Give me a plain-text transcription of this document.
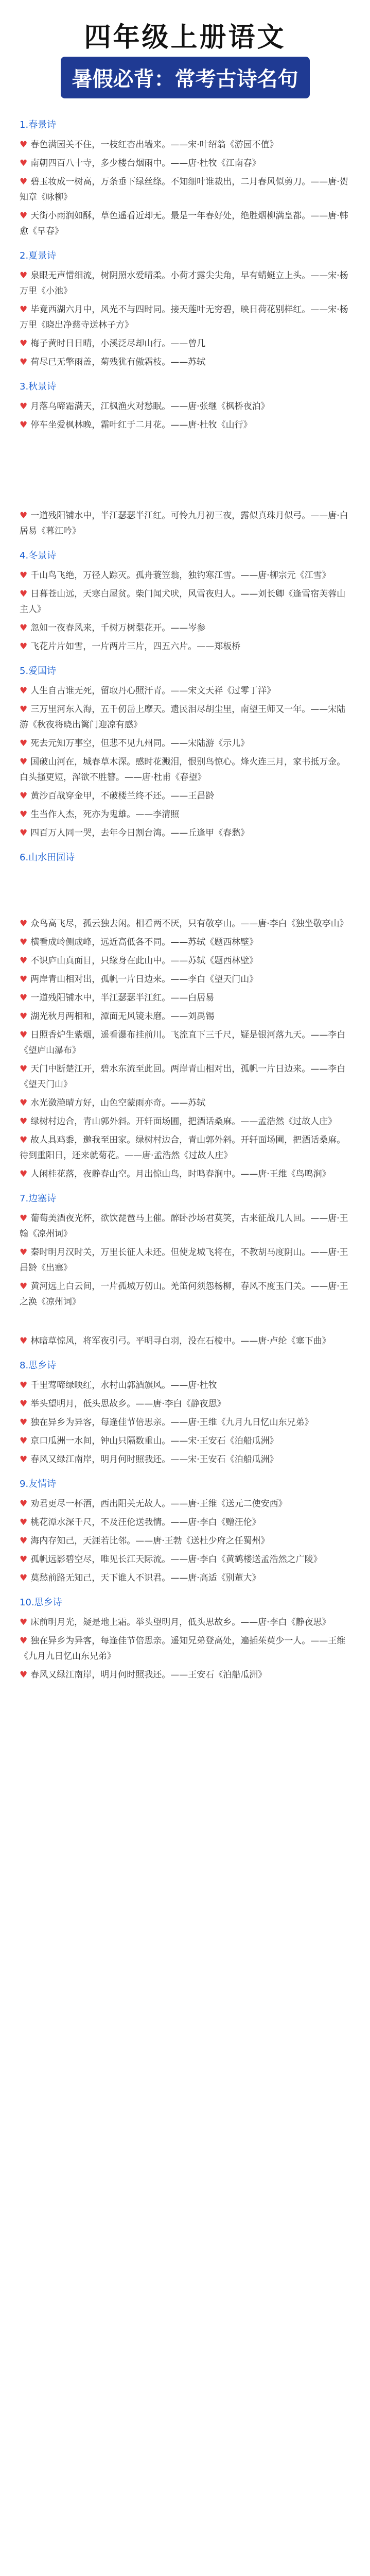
四年级上册语文
暑假必背：常考古诗名句
1.春景诗
♥ 春色满园关不住，一枝红杏出墙来。——宋·叶绍翁《游园不值》
♥ 南朝四百八十寺，多少楼台烟雨中。——唐·杜牧《江南春》
♥ 碧玉妆成一树高，万条垂下绿丝绦。不知细叶谁裁出，二月春风似剪刀。——唐·贺知章《咏柳》
♥ 天街小雨润如酥，草色遥看近却无。最是一年春好处，绝胜烟柳满皇都。——唐·韩愈《早春》
2.夏景诗
♥ 泉眼无声惜细流，树阴照水爱晴柔。小荷才露尖尖角，早有蜻蜓立上头。——宋·杨万里《小池》
♥ 毕竟西湖六月中，风光不与四时同。接天莲叶无穷碧，映日荷花别样红。——宋·杨万里《晓出净慈寺送林子方》
♥ 梅子黄时日日晴，小溪泛尽却山行。——曾几
♥ 荷尽已无擎雨盖，菊残犹有傲霜枝。——苏轼
3.秋景诗
♥ 月落乌啼霜满天，江枫渔火对愁眠。——唐·张继《枫桥夜泊》
♥ 停车坐爱枫林晚，霜叶红于二月花。——唐·杜牧《山行》
♥ 一道残阳铺水中，半江瑟瑟半江红。可怜九月初三夜，露似真珠月似弓。——唐·白居易《暮江吟》
4.冬景诗
♥ 千山鸟飞绝，万径人踪灭。孤舟蓑笠翁，独钓寒江雪。——唐·柳宗元《江雪》
♥ 日暮苍山远，天寒白屋贫。柴门闻犬吠，风雪夜归人。——刘长卿《逢雪宿芙蓉山主人》
♥ 忽如一夜春风来，千树万树梨花开。——岑参
♥ 飞花片片如雪，一片两片三片，四五六片。——郑板桥
5.爱国诗
♥ 人生自古谁无死，留取丹心照汗青。——宋文天祥《过零丁洋》
♥ 三万里河东入海，五千仞岳上摩天。遗民泪尽胡尘里，南望王师又一年。——宋陆游《秋夜将晓出篱门迎凉有感》
♥ 死去元知万事空，但悲不见九州同。——宋陆游《示儿》
♥ 国破山河在，城春草木深。感时花溅泪，恨别鸟惊心。烽火连三月，家书抵万金。白头搔更短，浑欲不胜簪。——唐·杜甫《春望》
♥ 黄沙百战穿金甲，不破楼兰终不还。——王昌龄
♥ 生当作人杰，死亦为鬼雄。——李清照
♥ 四百万人同一哭，去年今日割台湾。——丘逢甲《春愁》
6.山水田园诗
♥ 众鸟高飞尽，孤云独去闲。相看两不厌，只有敬亭山。——唐·李白《独坐敬亭山》
♥ 横看成岭侧成峰，远近高低各不同。——苏轼《题西林壁》
♥ 不识庐山真面目，只缘身在此山中。——苏轼《题西林壁》
♥ 两岸青山相对出，孤帆一片日边来。——李白《望天门山》
♥ 一道残阳铺水中，半江瑟瑟半江红。——白居易
♥ 湖光秋月两相和，潭面无风镜未磨。——刘禹锡
♥ 日照香炉生紫烟，遥看瀑布挂前川。飞流直下三千尺，疑是银河落九天。——李白《望庐山瀑布》
♥ 天门中断楚江开，碧水东流至此回。两岸青山相对出，孤帆一片日边来。——李白《望天门山》
♥ 水光潋滟晴方好，山色空蒙雨亦奇。——苏轼
♥ 绿树村边合，青山郭外斜。开轩面场圃，把酒话桑麻。——孟浩然《过故人庄》
♥ 故人具鸡黍，邀我至田家。绿树村边合，青山郭外斜。开轩面场圃，把酒话桑麻。待到重阳日，还来就菊花。——唐·孟浩然《过故人庄》
♥ 人闲桂花落，夜静春山空。月出惊山鸟，时鸣春涧中。——唐·王维《鸟鸣涧》
7.边塞诗
♥ 葡萄美酒夜光杯，欲饮琵琶马上催。醉卧沙场君莫笑，古来征战几人回。——唐·王翰《凉州词》
♥ 秦时明月汉时关，万里长征人未还。但使龙城飞将在，不教胡马度阴山。——唐·王昌龄《出塞》
♥ 黄河远上白云间，一片孤城万仞山。羌笛何须怨杨柳，春风不度玉门关。——唐·王之涣《凉州词》
♥ 林暗草惊风，将军夜引弓。平明寻白羽，没在石棱中。——唐·卢纶《塞下曲》
8.思乡诗
♥ 千里莺啼绿映红，水村山郭酒旗风。——唐·杜牧
♥ 举头望明月，低头思故乡。——唐·李白《静夜思》
♥ 独在异乡为异客，每逢佳节倍思亲。——唐·王维《九月九日忆山东兄弟》
♥ 京口瓜洲一水间，钟山只隔数重山。——宋·王安石《泊船瓜洲》
♥ 春风又绿江南岸，明月何时照我还。——宋·王安石《泊船瓜洲》
9.友情诗
♥ 劝君更尽一杯酒，西出阳关无故人。——唐·王维《送元二使安西》
♥ 桃花潭水深千尺，不及汪伦送我情。——唐·李白《赠汪伦》
♥ 海内存知己，天涯若比邻。——唐·王勃《送杜少府之任蜀州》
♥ 孤帆远影碧空尽，唯见长江天际流。——唐·李白《黄鹤楼送孟浩然之广陵》
♥ 莫愁前路无知己，天下谁人不识君。——唐·高适《别董大》
10.思乡诗
♥ 床前明月光，疑是地上霜。举头望明月，低头思故乡。——唐·李白《静夜思》
♥ 独在异乡为异客，每逢佳节倍思亲。遥知兄弟登高处，遍插茱萸少一人。——王维《九月九日忆山东兄弟》
♥ 春风又绿江南岸，明月何时照我还。——王安石《泊船瓜洲》
